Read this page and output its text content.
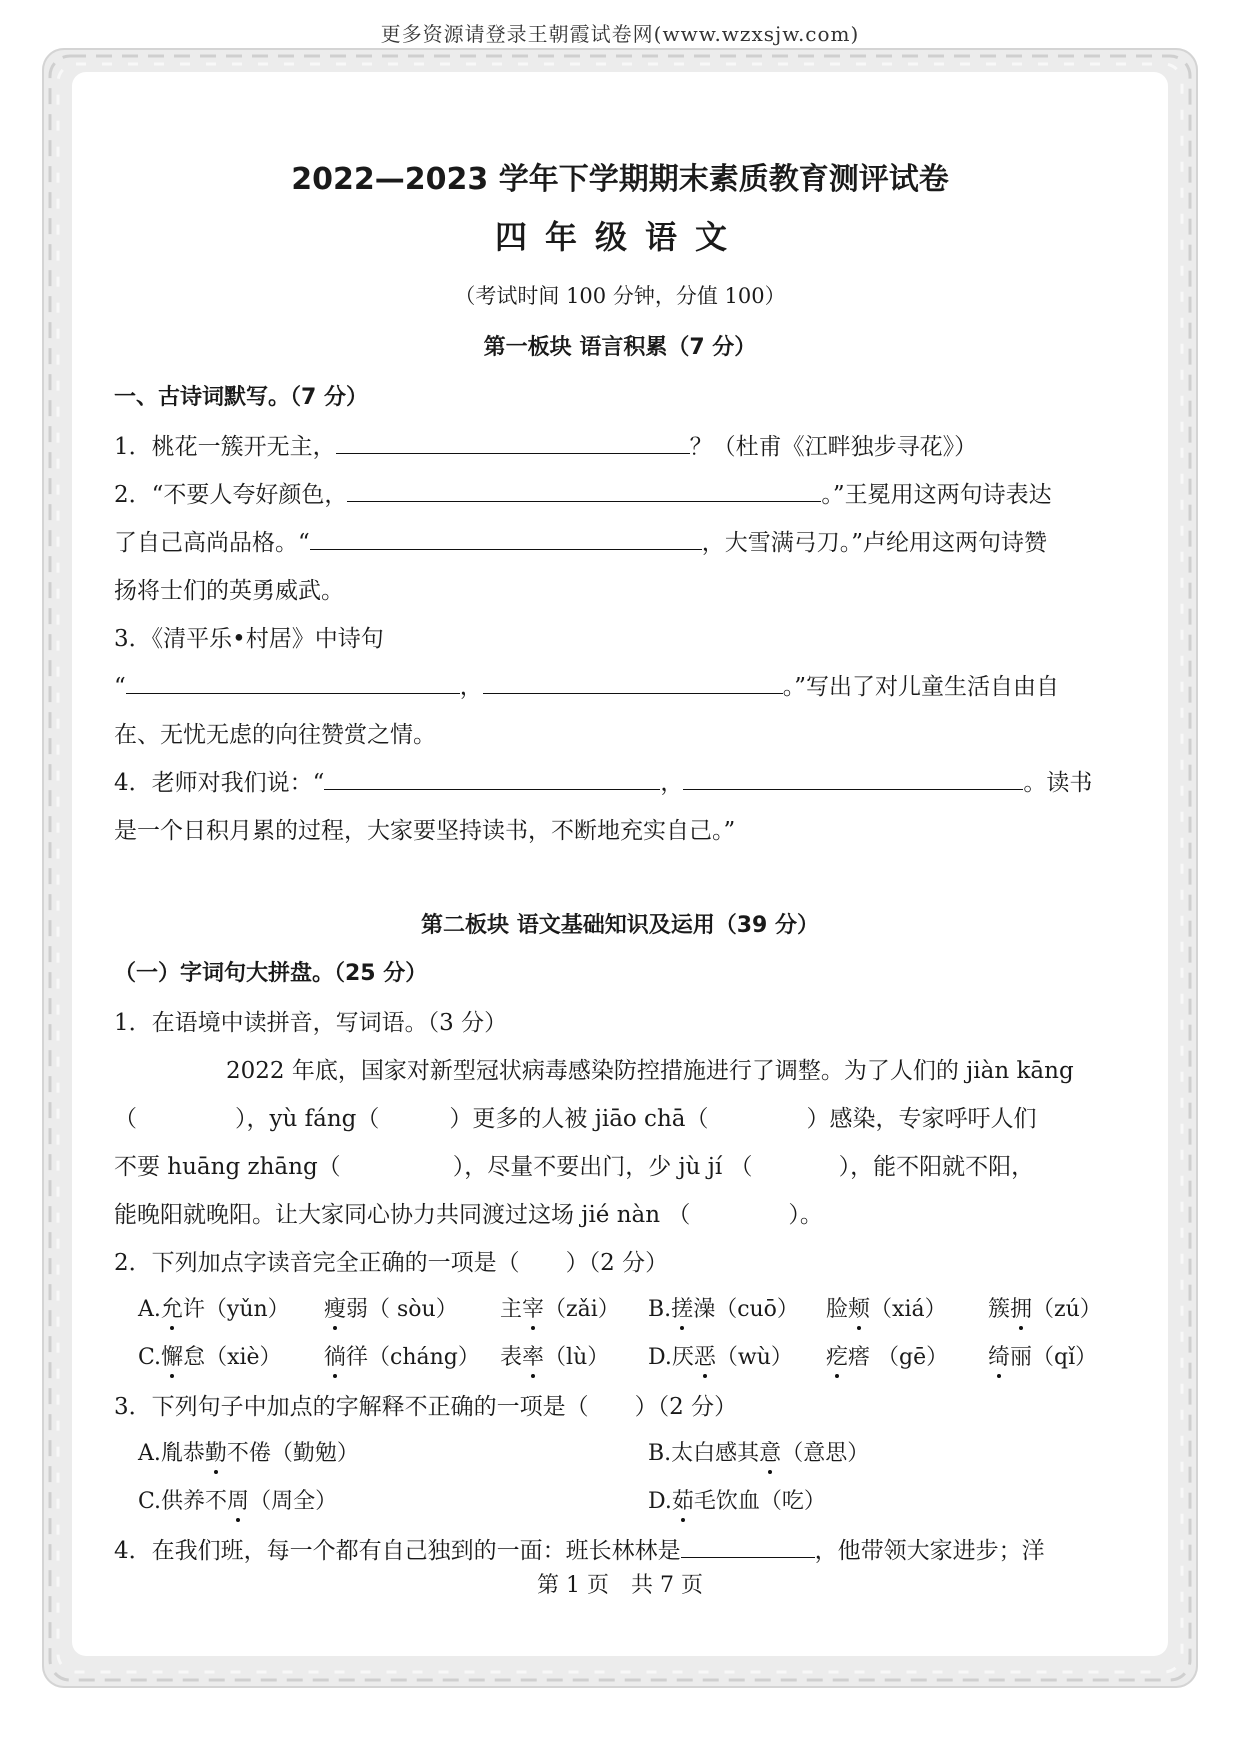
更多资源请登录王朝霞试卷网(www.wzxsjw.com)
2022—2023 学年下学期期末素质教育测评试卷
四年级语文
（考试时间 100 分钟，分值 100）
第一板块 语言积累（7 分）
一、古诗词默写。（7 分）
1．桃花一簇开无主，	？（杜甫《江畔独步寻花》）
2．“不要人夸好颜色，	。”王冕用这两句诗表达
了自己高尚品格。“	，大雪满弓刀。”卢纶用这两句诗赞
扬将士们的英勇威武。
3．《清平乐•村居》中诗句
“	，	。”写出了对儿童生活自由自
在、无忧无虑的向往赞赏之情。
4．老师对我们说：“	，	。读书
是一个日积月累的过程，大家要坚持读书，不断地充实自己。”
第二板块 语文基础知识及运用（39 分）
（一）字词句大拼盘。（25 分）
1．在语境中读拼音，写词语。（3 分）
2022 年底，国家对新型冠状病毒感染防控措施进行了调整。为了人们的 jiàn kāng
（	），yù fáng（	）更多的人被 jiāo chā（	）感染，专家呼吁人们
不要 huāng zhāng（	），尽量不要出门，少 jù jí （	），能不阳就不阳，
能晚阳就晚阳。让大家同心协力共同渡过这场 jié nàn （	）。
2．下列加点字读音完全正确的一项是（　　）（2 分）
A.允许（yǔn） 瘦弱（ sòu） 主宰（zǎi） B.搓澡（cuō） 脸颊（xiá） 簇拥（zú）
C.懈怠（xiè） 徜徉（cháng） 表率（lù） D.厌恶（wù） 疙瘩 （gē） 绮丽（qǐ）
3．下列句子中加点的字解释不正确的一项是（　　）（2 分）
A.胤恭勤不倦（勤勉）	B.太白感其意（意思）
C.供养不周（周全）	D.茹毛饮血（吃）
4．在我们班，每一个都有自己独到的一面：班长林林是	，他带领大家进步；洋
第 1 页　共 7 页
